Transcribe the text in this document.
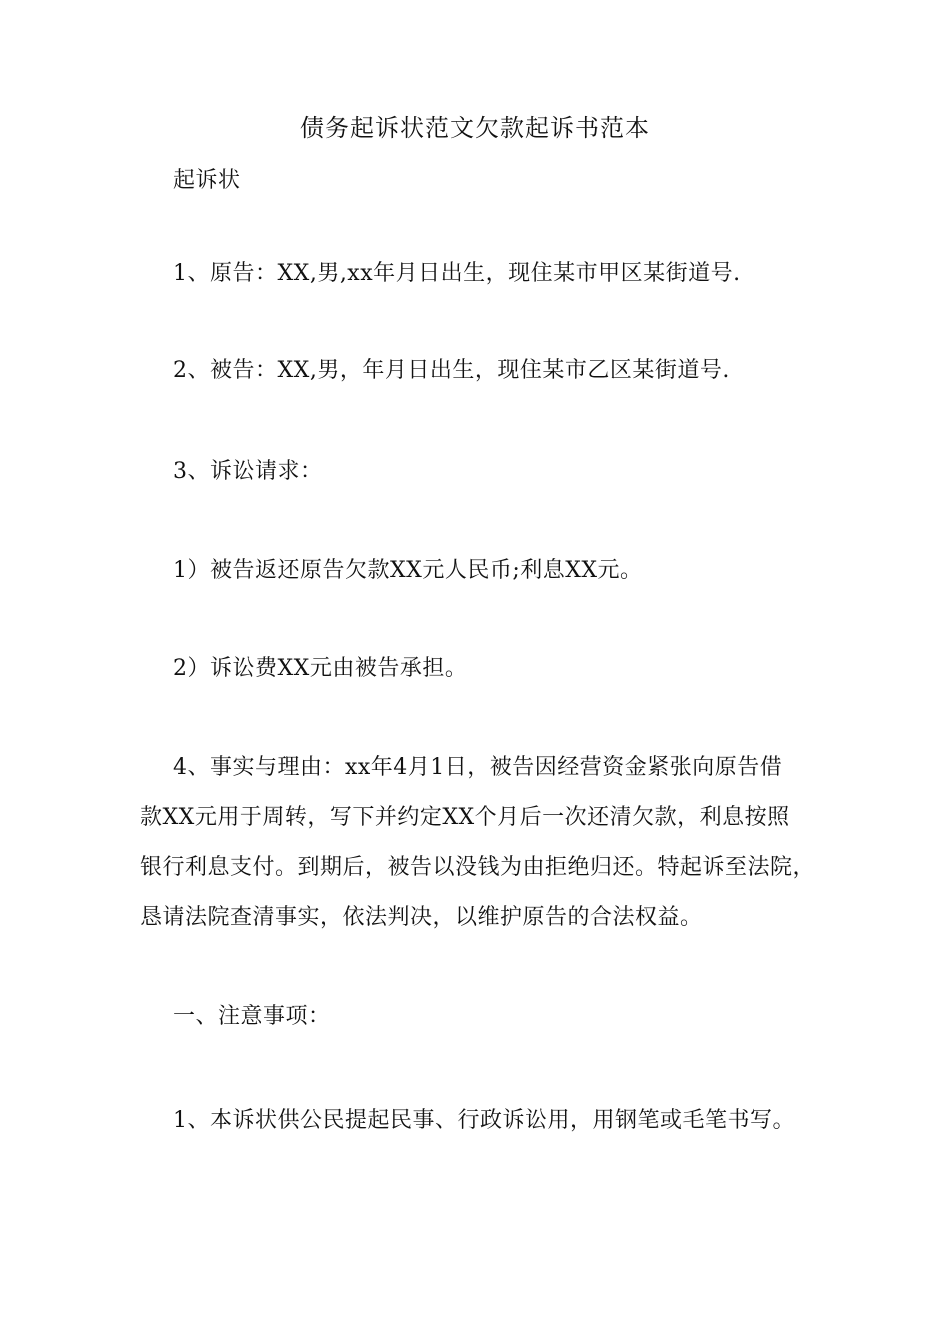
债务起诉状范文欠款起诉书范本
起诉状
1、原告：XX,男,xx年月日出生，现住某市甲区某街道号.
2、被告：XX,男，年月日出生，现住某市乙区某街道号.
3、诉讼请求：
1）被告返还原告欠款XX元人民币;利息XX元。
2）诉讼费XX元由被告承担。
4、事实与理由：xx年4月1日，被告因经营资金紧张向原告借
款XX元用于周转，写下并约定XX个月后一次还清欠款，利息按照
银行利息支付。到期后，被告以没钱为由拒绝归还。特起诉至法院，
恳请法院查清事实，依法判决，以维护原告的合法权益。
一、注意事项：
1、本诉状供公民提起民事、行政诉讼用，用钢笔或毛笔书写。
